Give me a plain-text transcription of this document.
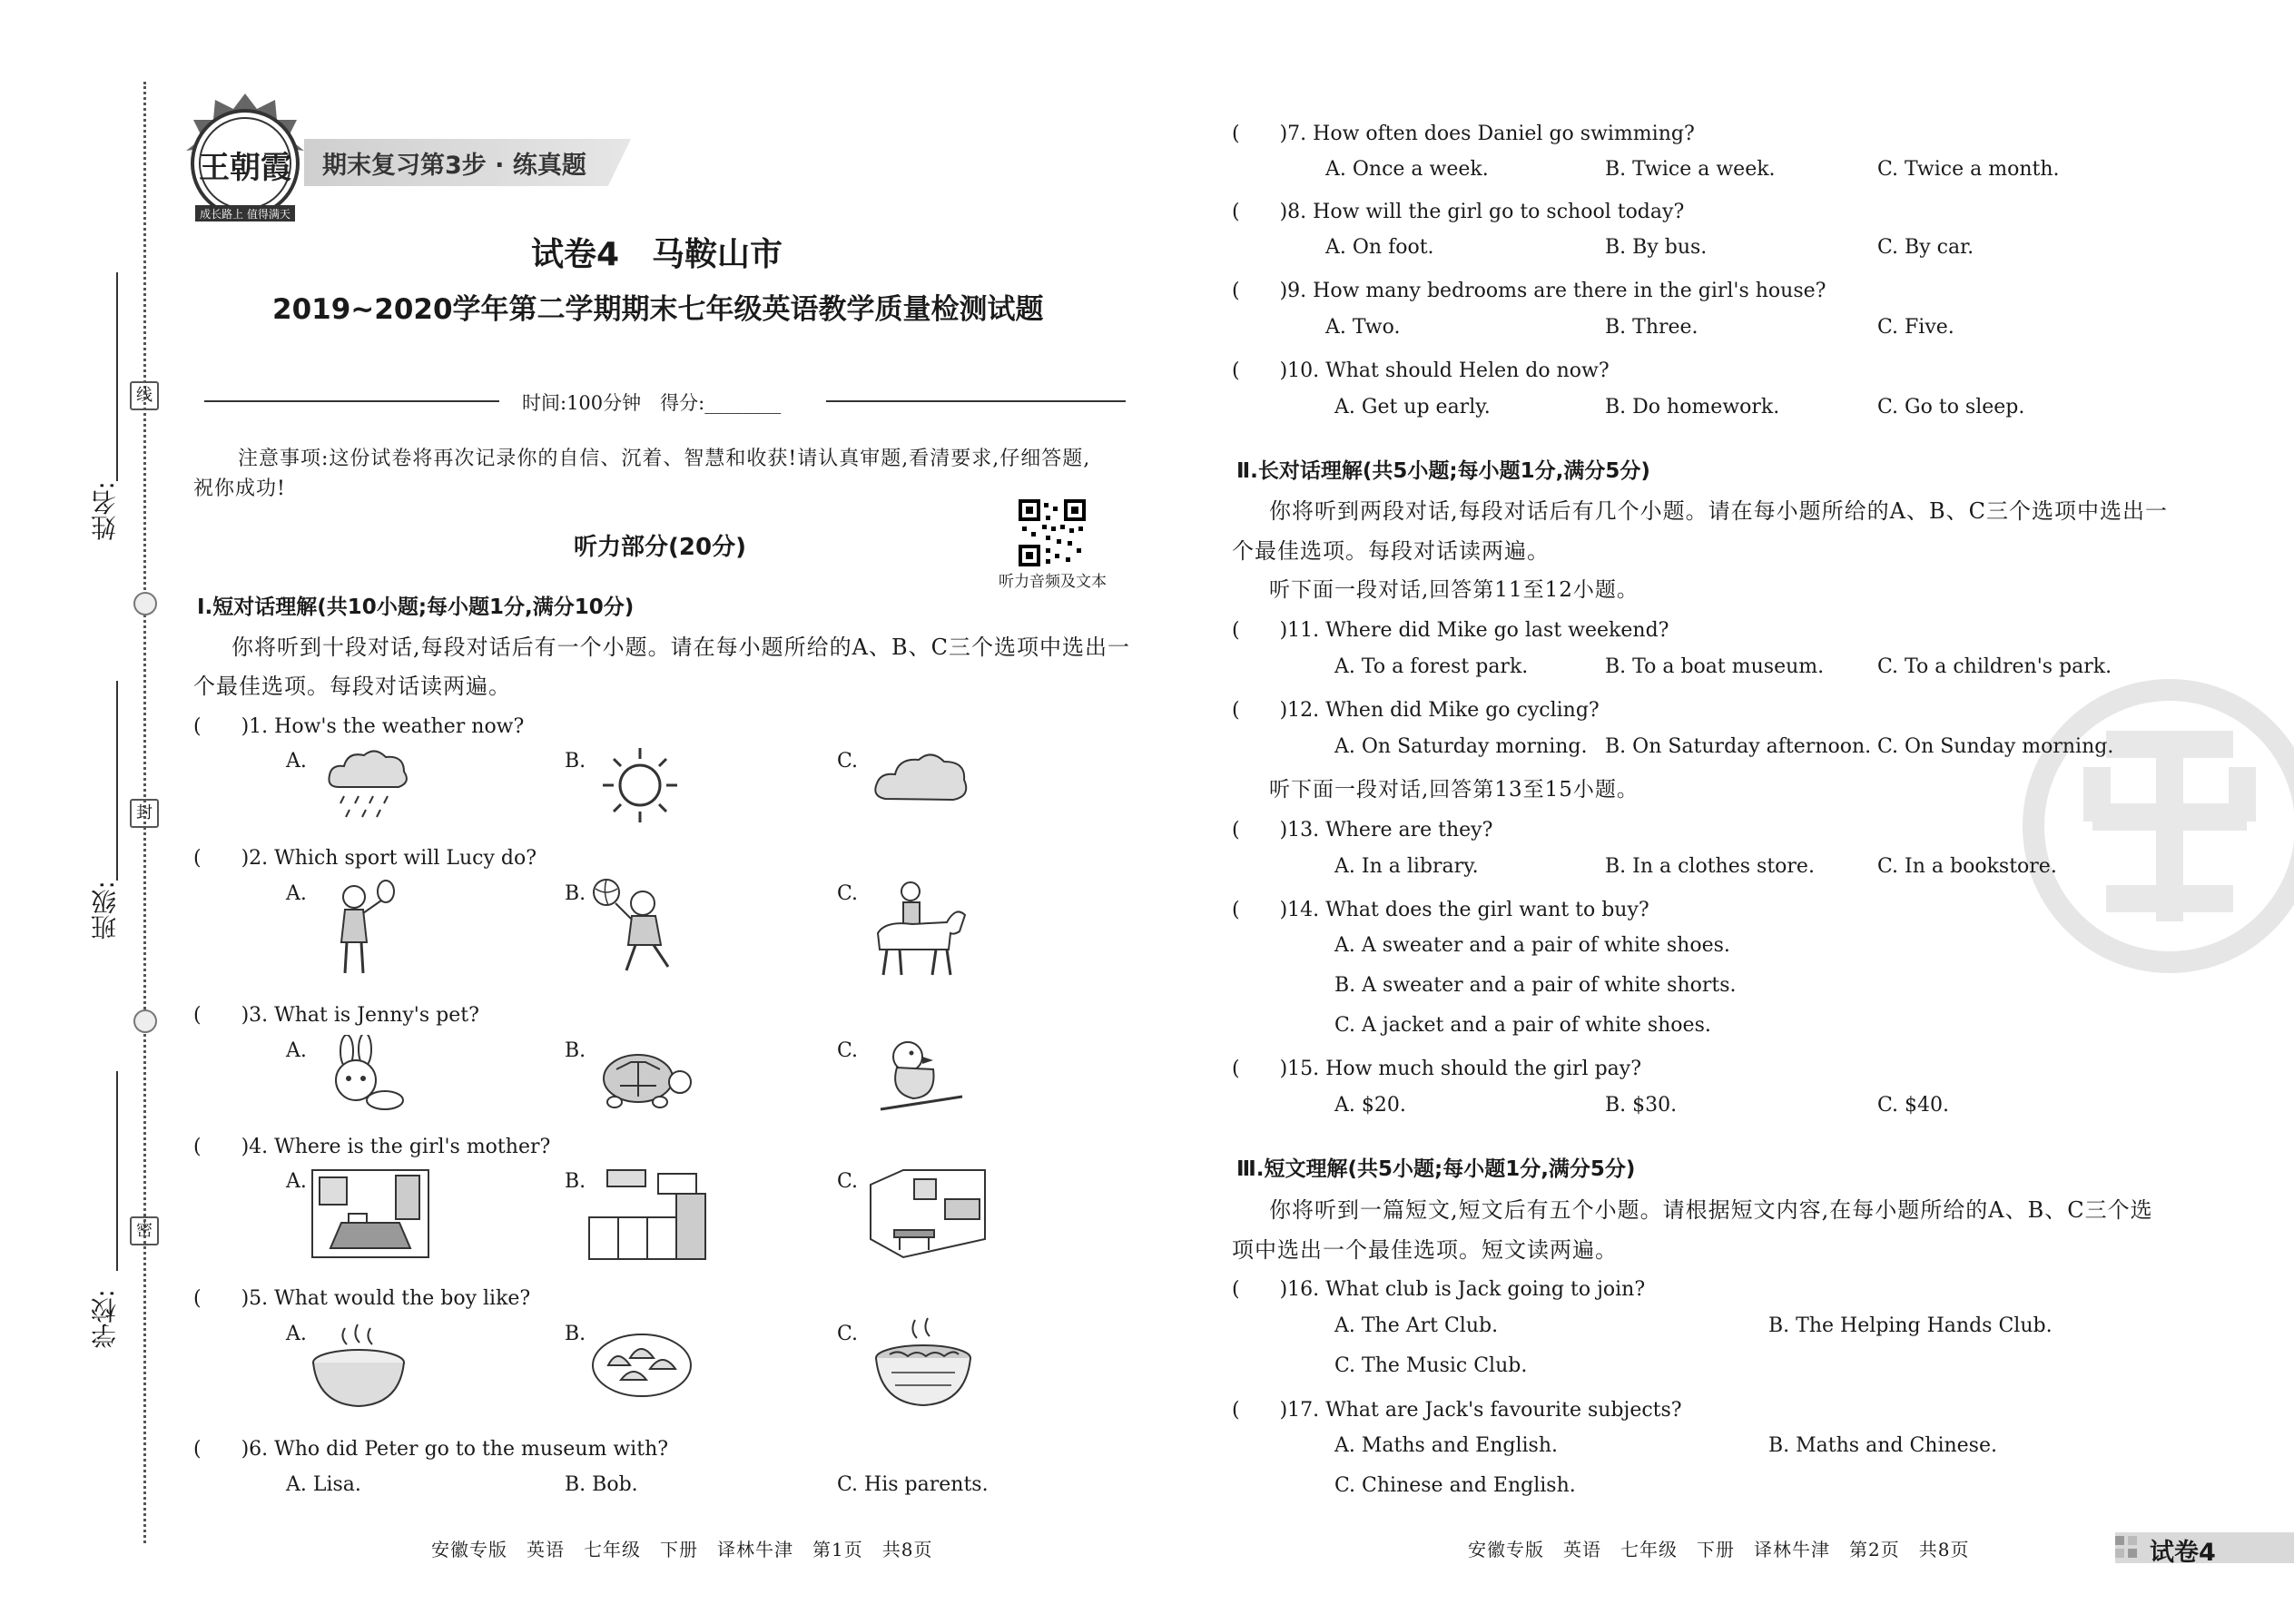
姓名:
班级:
学校:
线
封
密
王朝霞
成长路上 值得满天
期末复习第3步 · 练真题
试卷4　马鞍山市
2019~2020学年第二学期期末七年级英语教学质量检测试题
时间:100分钟　得分:________
注意事项:这份试卷将再次记录你的自信、沉着、智慧和收获!请认真审题,看清要求,仔细答题,
祝你成功!
听力音频及文本
听力部分(20分)
Ⅰ.短对话理解(共10小题;每小题1分,满分10分)
你将听到十段对话,每段对话后有一个小题。请在每小题所给的A、B、C三个选项中选出一
个最佳选项。每段对话读两遍。
(　　)1. How's the weather now?
A.	B.	C.
(　　)2. Which sport will Lucy do?
A.	B.	C.
(　　)3. What is Jenny's pet?
A.	B.	C.
(　　)4. Where is the girl's mother?
A.	B.	C.
(　　)5. What would the boy like?
A.	B.	C.
(　　)6. Who did Peter go to the museum with?
A. Lisa.	B. Bob.	C. His parents.
安徽专版　英语　七年级　下册　译林牛津　第1页　共8页
(　　)7. How often does Daniel go swimming?
A. Once a week.	B. Twice a week.	C. Twice a month.
(　　)8. How will the girl go to school today?
A. On foot.	B. By bus.	C. By car.
(　　)9. How many bedrooms are there in the girl's house?
A. Two.	B. Three.	C. Five.
(　　)10. What should Helen do now?
A. Get up early.	B. Do homework.	C. Go to sleep.
Ⅱ.长对话理解(共5小题;每小题1分,满分5分)
你将听到两段对话,每段对话后有几个小题。请在每小题所给的A、B、C三个选项中选出一
个最佳选项。每段对话读两遍。
听下面一段对话,回答第11至12小题。
(　　)11. Where did Mike go last weekend?
A. To a forest park.	B. To a boat museum.	C. To a children's park.
(　　)12. When did Mike go cycling?
A. On Saturday morning. B. On Saturday afternoon. C. On Sunday morning.
听下面一段对话,回答第13至15小题。
(　　)13. Where are they?
A. In a library.	B. In a clothes store.	C. In a bookstore.
(　　)14. What does the girl want to buy?
A. A sweater and a pair of white shoes.
B. A sweater and a pair of white shorts.
C. A jacket and a pair of white shoes.
(　　)15. How much should the girl pay?
A. $20.	B. $30.	C. $40.
Ⅲ.短文理解(共5小题;每小题1分,满分5分)
你将听到一篇短文,短文后有五个小题。请根据短文内容,在每小题所给的A、B、C三个选
项中选出一个最佳选项。短文读两遍。
(　　)16. What club is Jack going to join?
A. The Art Club.	B. The Helping Hands Club.
C. The Music Club.
(　　)17. What are Jack's favourite subjects?
A. Maths and English.	B. Maths and Chinese.
C. Chinese and English.
安徽专版　英语　七年级　下册　译林牛津　第2页　共8页	试卷4
